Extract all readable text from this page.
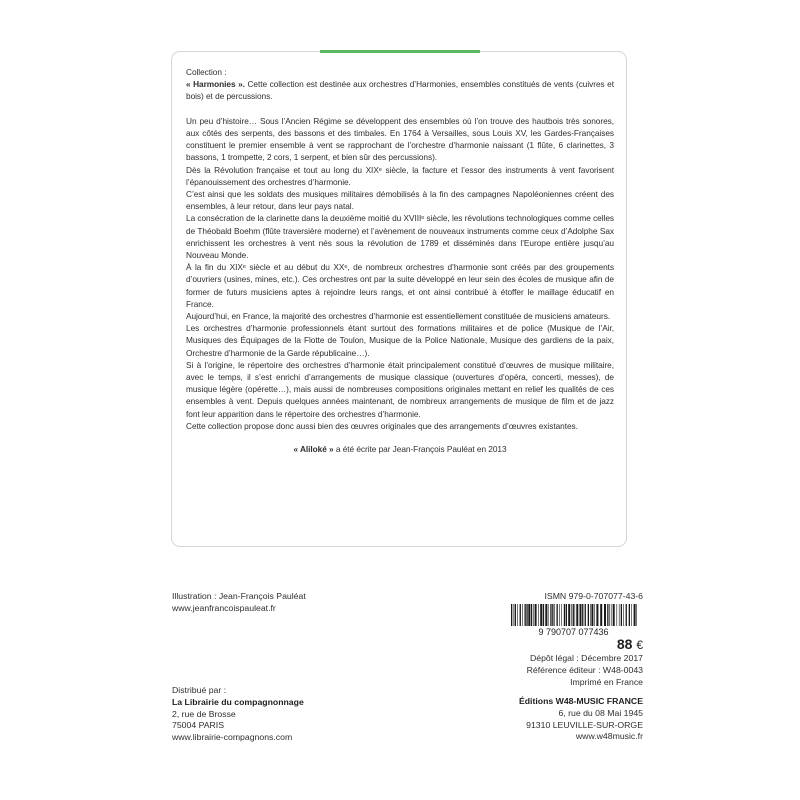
Collection :

« Harmonies ». Cette collection est destinée aux orchestres d’Harmonies, ensembles constitués de vents (cuivres et bois) et de percussions.

Un peu d’histoire… Sous l’Ancien Régime se développent des ensembles où l’on trouve des hautbois très sonores, aux côtés des serpents, des bassons et des timbales. En 1764 à Versailles, sous Louis XV, les Gardes-Françaises constituent le premier ensemble à vent se rapprochant de l’orchestre d’harmonie naissant (1 flûte, 6 clarinettes, 3 bassons, 1 trompette, 2 cors, 1 serpent, et bien sûr des percussions).

Dès la Révolution française et tout au long du XIXᵉ siècle, la facture et l’essor des instruments à vent favorisent l’épanouissement des orchestres d’harmonie.

C’est ainsi que les soldats des musiques militaires démobilisés à la fin des campagnes Napoléoniennes créent des ensembles, à leur retour, dans leur pays natal.

La consécration de la clarinette dans la deuxième moitié du XVIIIᵉ siècle, les révolutions technologiques comme celles de Théobald Boehm (flûte traversière moderne) et l’avènement de nouveaux instruments comme ceux d’Adolphe Sax enrichissent les orchestres à vent nés sous la révolution de 1789 et disséminés dans l’Europe entière jusqu’au Nouveau Monde.

À la fin du XIXᵉ siècle et au début du XXᵉ, de nombreux orchestres d’harmonie sont créés par des groupements d’ouvriers (usines, mines, etc.). Ces orchestres ont par la suite développé en leur sein des écoles de musique afin de former de futurs musiciens aptes à rejoindre leurs rangs, et ont ainsi contribué à étoffer le maillage éducatif en France.

Aujourd’hui, en France, la majorité des orchestres d’harmonie est essentiellement constituée de musiciens amateurs.

Les orchestres d’harmonie professionnels étant surtout des formations militaires et de police (Musique de l’Air, Musiques des Équipages de la Flotte de Toulon, Musique de la Police Nationale, Musique des gardiens de la paix, Orchestre d’harmonie de la Garde républicaine…).

Si à l’origine, le répertoire des orchestres d’harmonie était principalement constitué d’œuvres de musique militaire, avec le temps, il s’est enrichi d’arrangements de musique classique (ouvertures d’opéra, concerti, messes), de musique légère (opérette…), mais aussi de nombreuses compositions originales mettant en relief les qualités de ces ensembles à vent. Depuis quelques années maintenant, de nombreux arrangements de musique de film et de jazz font leur apparition dans le répertoire des orchestres d’harmonie.

Cette collection propose donc aussi bien des œuvres originales que des arrangements d’œuvres existantes.

« Aliloké » a été écrite par Jean-François Pauléat en 2013

Illustration : Jean-François Pauléat
www.jeanfrancoispauleat.fr
Distribué par :
La Librairie du compagnonnage
2, rue de Brosse
75004 PARIS
www.librairie-compagnons.com
ISMN 979-0-707077-43-6
9 790707 077436
88 €
Dépôt légal : Décembre 2017
Référence éditeur : W48-0043
Imprimé en France
Éditions W48-MUSIC FRANCE
6, rue du 08 Mai 1945
91310 LEUVILLE-SUR-ORGE
www.w48music.fr
